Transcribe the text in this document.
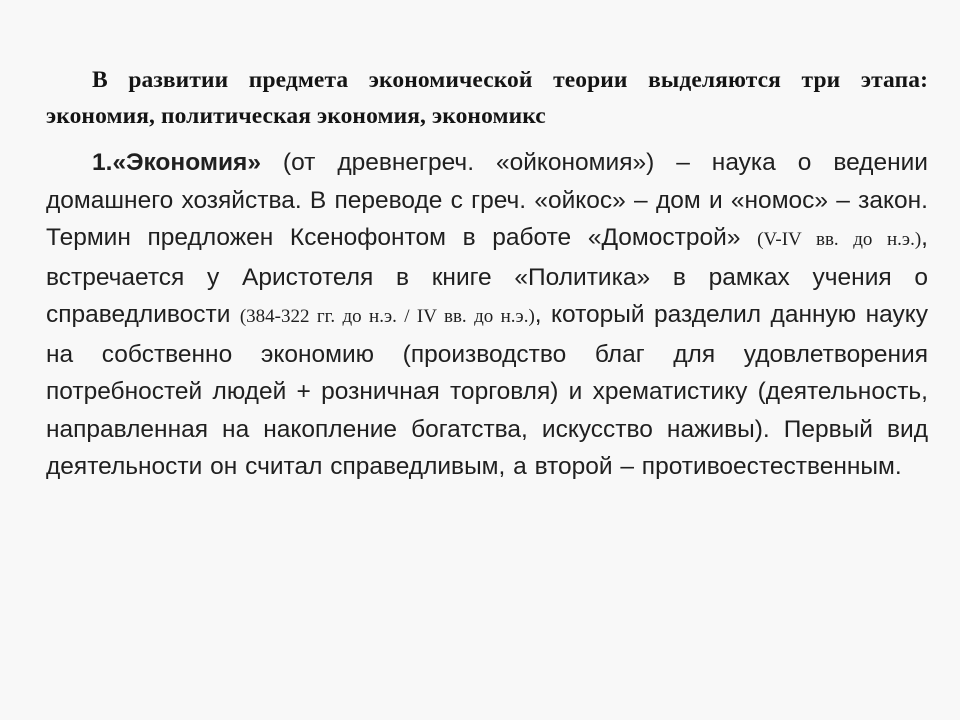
В развитии предмета экономической теории выделяются три этапа: экономия, политическая экономия, экономикс

1.«Экономия» (от древнегреч. «ойкономия») – наука о ведении домашнего хозяйства. В переводе с греч. «ойкос» – дом и «номос» – закон. Термин предложен Ксенофонтом в работе «Домострой» (V-IV вв. до н.э.), встречается у Аристотеля в книге «Политика» в рамках учения о справедливости (384-322 гг. до н.э. / IV вв. до н.э.), который разделил данную науку на собственно экономию (производство благ для удовлетворения потребностей людей + розничная торговля) и хрематистику (деятельность, направленная на накопление богатства, искусство наживы). Первый вид деятельности он считал справедливым, а второй – противоестественным.
